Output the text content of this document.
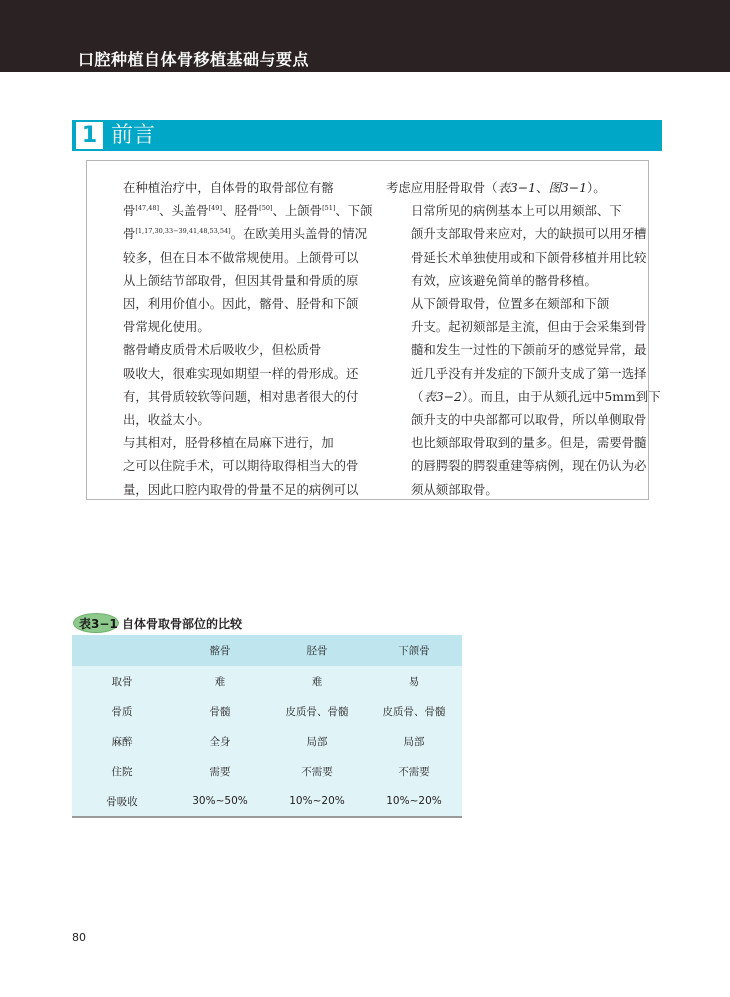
口腔种植自体骨移植基础与要点
1 前言

在种植治疗中，自体骨的取骨部位有髂
骨[47,48]、头盖骨[49]、胫骨[50]、上颌骨[51]、下颌
骨[1,17,30,33−39,41,48,53,54]。在欧美用头盖骨的情况
较多，但在日本不做常规使用。上颌骨可以
从上颌结节部取骨，但因其骨量和骨质的原
因，利用价值小。因此，髂骨、胫骨和下颌
骨常规化使用。

髂骨嵴皮质骨术后吸收少，但松质骨
吸收大，很难实现如期望一样的骨形成。还
有，其骨质较软等问题，相对患者很大的付
出，收益太小。

与其相对，胫骨移植在局麻下进行，加
之可以住院手术，可以期待取得相当大的骨
量，因此口腔内取骨的骨量不足的病例可以

考虑应用胫骨取骨（表3−1、图3−1）。

日常所见的病例基本上可以用颏部、下
颌升支部取骨来应对，大的缺损可以用牙槽
骨延长术单独使用或和下颌骨移植并用比较
有效，应该避免简单的髂骨移植。

从下颌骨取骨，位置多在颏部和下颌
升支。起初颏部是主流，但由于会采集到骨
髓和发生一过性的下颌前牙的感觉异常，最
近几乎没有并发症的下颌升支成了第一选择
（表3−2）。而且，由于从颏孔远中5mm到下
颌升支的中央部都可以取骨，所以单侧取骨
也比颏部取骨取到的量多。但是，需要骨髓
的唇腭裂的腭裂重建等病例，现在仍认为必
须从颏部取骨。

表3−1 自体骨取骨部位的比较
	髂骨	胫骨	下颌骨
取骨	难	难	易
骨质	骨髓	皮质骨、骨髓	皮质骨、骨髓
麻醉	全身	局部	局部
住院	需要	不需要	不需要
骨吸收	30%~50%	10%~20%	10%~20%
80
